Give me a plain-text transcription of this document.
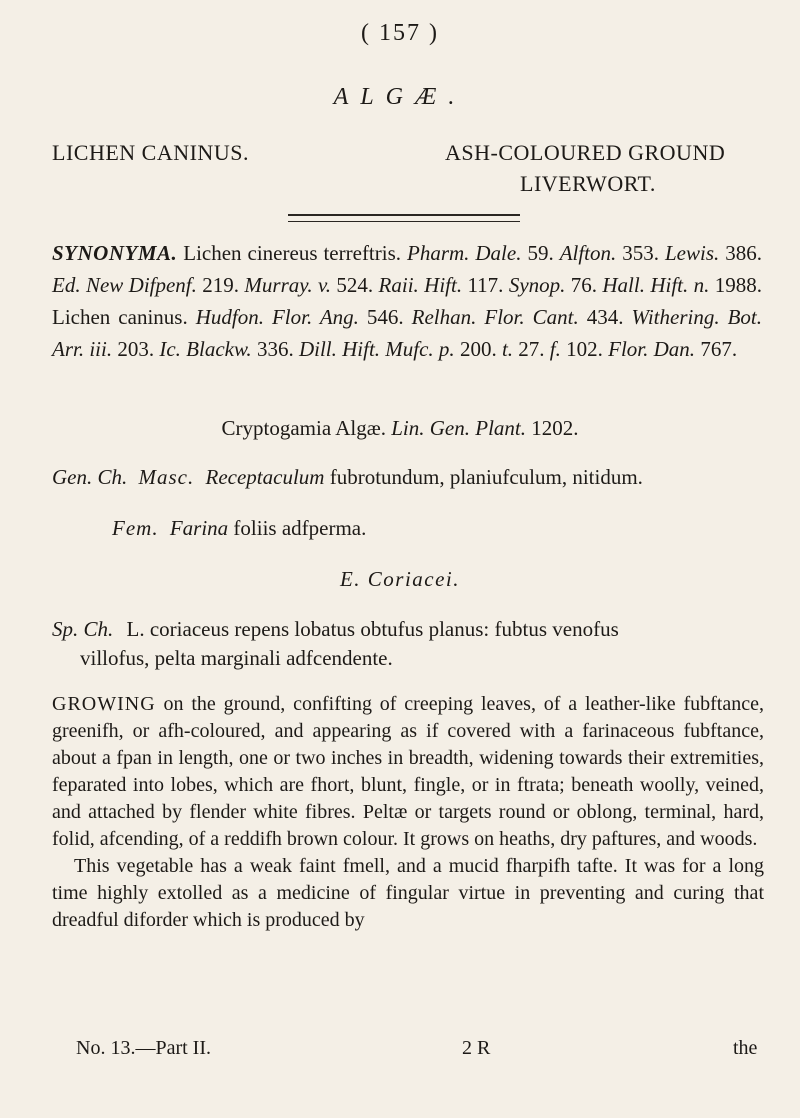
( 157 )
ALGÆ.
LICHEN CANINUS.	ASH-COLOURED GROUND
LIVERWORT.
SYNONYMA. Lichen cinereus terreftris. Pharm. Dale. 59. Alfton. 353. Lewis. 386. Ed. New Difpenf. 219. Murray. v. 524. Raii. Hift. 117. Synop. 76. Hall. Hift. n. 1988. Lichen caninus. Hudfon. Flor. Ang. 546. Relhan. Flor. Cant. 434. Withering. Bot. Arr. iii. 203. Ic. Blackw. 336. Dill. Hift. Mufc. p. 200. t. 27. f. 102. Flor. Dan. 767.
Cryptogamia Algæ. Lin. Gen. Plant. 1202.
Gen. Ch. Masc. Receptaculum fubrotundum, planiufculum, nitidum.
Fem. Farina foliis adfperma.
E. Coriacei.
Sp. Ch. L. coriaceus repens lobatus obtufus planus: fubtus venofus
villofus, pelta marginali adfcendente.

GROWING on the ground, confifting of creeping leaves, of a leather-like fubftance, greenifh, or afh-coloured, and appearing as if covered with a farinaceous fubftance, about a fpan in length, one or two inches in breadth, widening towards their extremities, feparated into lobes, which are fhort, blunt, fingle, or in ftrata; beneath woolly, veined, and attached by flender white fibres. Peltæ or targets round or oblong, terminal, hard, folid, afcending, of a reddifh brown colour. It grows on heaths, dry paftures, and woods.

This vegetable has a weak faint fmell, and a mucid fharpifh tafte. It was for a long time highly extolled as a medicine of fingular virtue in preventing and curing that dreadful diforder which is produced by

No. 13.—Part II.	2 R	the
